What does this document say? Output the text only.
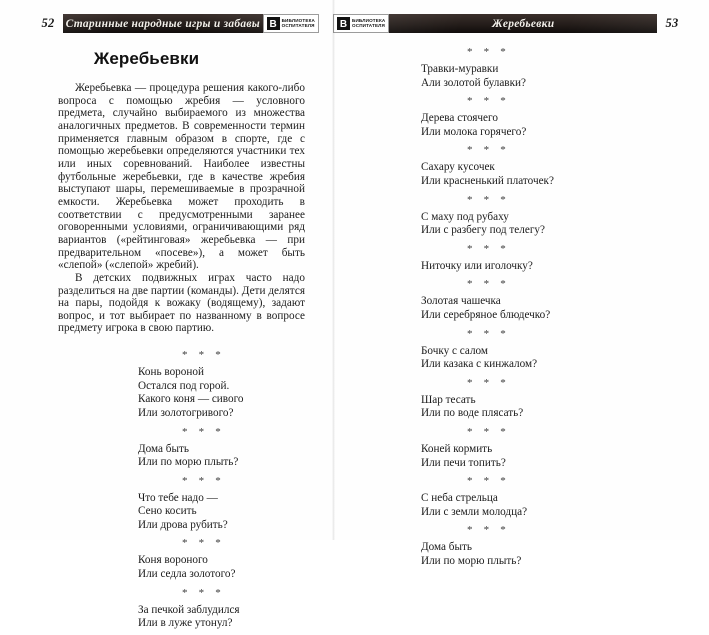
52 Старинные народные игры и забавы В	БИБЛИОТЕКА
ОСПИТАТЕЛЯ
Жеребьевки

Жеребьевка — процедура решения какого-либо вопроса с помощью жребия — условного предмета, случайно выбираемого из множества аналогичных предметов. В современности термин применяется главным образом в спорте, где с помощью жеребьевки определяются участники тех или иных соревнований. Наиболее известны футбольные жеребьевки, где в качестве жребия выступают шары, перемешиваемые в прозрачной емкости. Жеребьевка может проходить в соответствии с предусмотренными заранее оговоренными условиями, ограничивающими ряд вариантов («рейтинговая» жеребьевка — при предварительном «посеве»), а может быть «слепой» («слепой» жребий).

В детских подвижных играх часто надо разделиться на две партии (команды). Дети делятся на пары, подойдя к вожаку (водящему), задают вопрос, и тот выбирает по названному в вопросе предмету игрока в свою партию.

* * *
Конь вороной
Остался под горой.
Какого коня — сивого
Или золотогривого?
* * *
Дома быть
Или по морю плыть?
* * *
Что тебе надо —
Сено косить
Или дрова рубить?
* * *
Коня вороного
Или седла золотого?
* * *
За печкой заблудился
Или в луже утонул?
В	БИБЛИОТЕКА
ОСПИТАТЕЛЯ	Жеребьевки	53
* * *
Травки-муравки
Али золотой булавки?
* * *
Дерева стоячего
Или молока горячего?
* * *
Сахару кусочек
Или красненький платочек?
* * *
С маху под рубаху
Или с разбегу под телегу?
* * *
Ниточку или иголочку?
* * *
Золотая чашечка
Или серебряное блюдечко?
* * *
Бочку с салом
Или казака с кинжалом?
* * *
Шар тесать
Или по воде плясать?
* * *
Коней кормить
Или печи топить?
* * *
С неба стрельца
Или с земли молодца?
* * *
Дома быть
Или по морю плыть?
